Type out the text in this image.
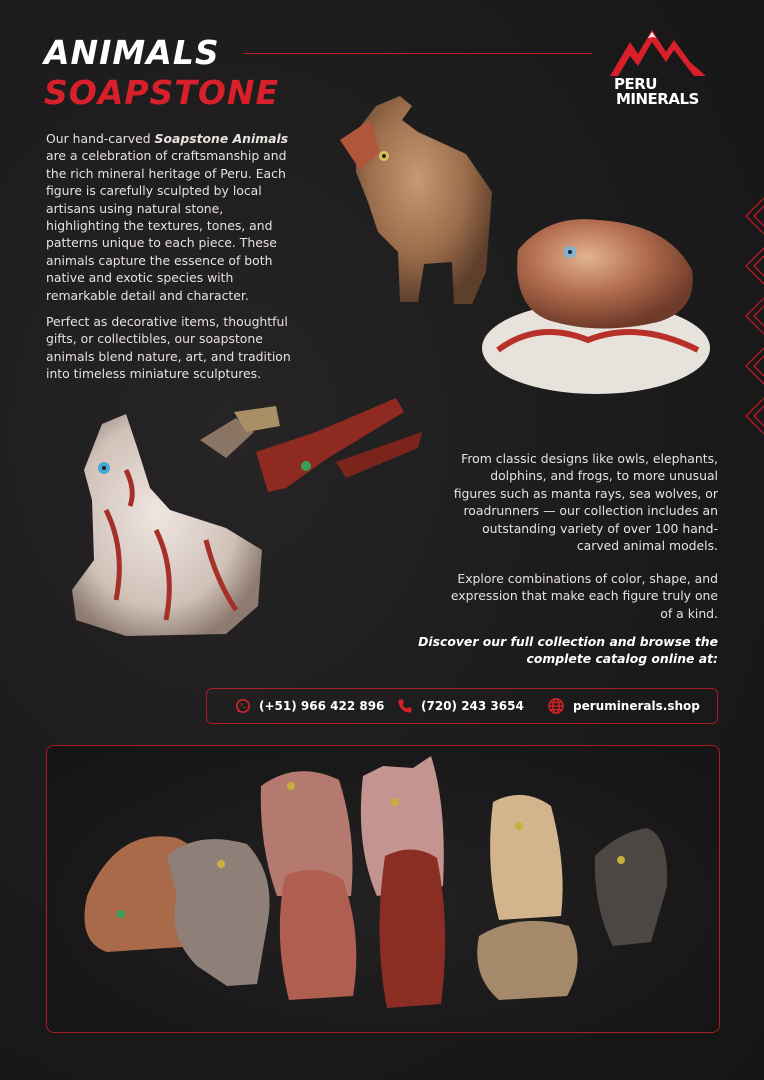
ANIMALS
SOAPSTONE	PERU
MINERALS

Our hand-carved Soapstone Animals are a celebration of craftsmanship and the rich mineral heritage of Peru. Each figure is carefully sculpted by local artisans using natural stone, highlighting the textures, tones, and patterns unique to each piece. These animals capture the essence of both native and exotic species with remarkable detail and character.

Perfect as decorative items, thoughtful gifts, or collectibles, our soapstone animals blend nature, art, and tradition into timeless miniature sculptures.

From classic designs like owls, elephants, dolphins, and frogs, to more unusual figures such as manta rays, sea wolves, or roadrunners — our collection includes an outstanding variety of over 100 hand-carved animal models.

Explore combinations of color, shape, and expression that make each figure truly one of a kind.

Discover our full collection and browse the complete catalog online at:

(+51) 966 422 896	(720) 243 3654	peruminerals.shop
